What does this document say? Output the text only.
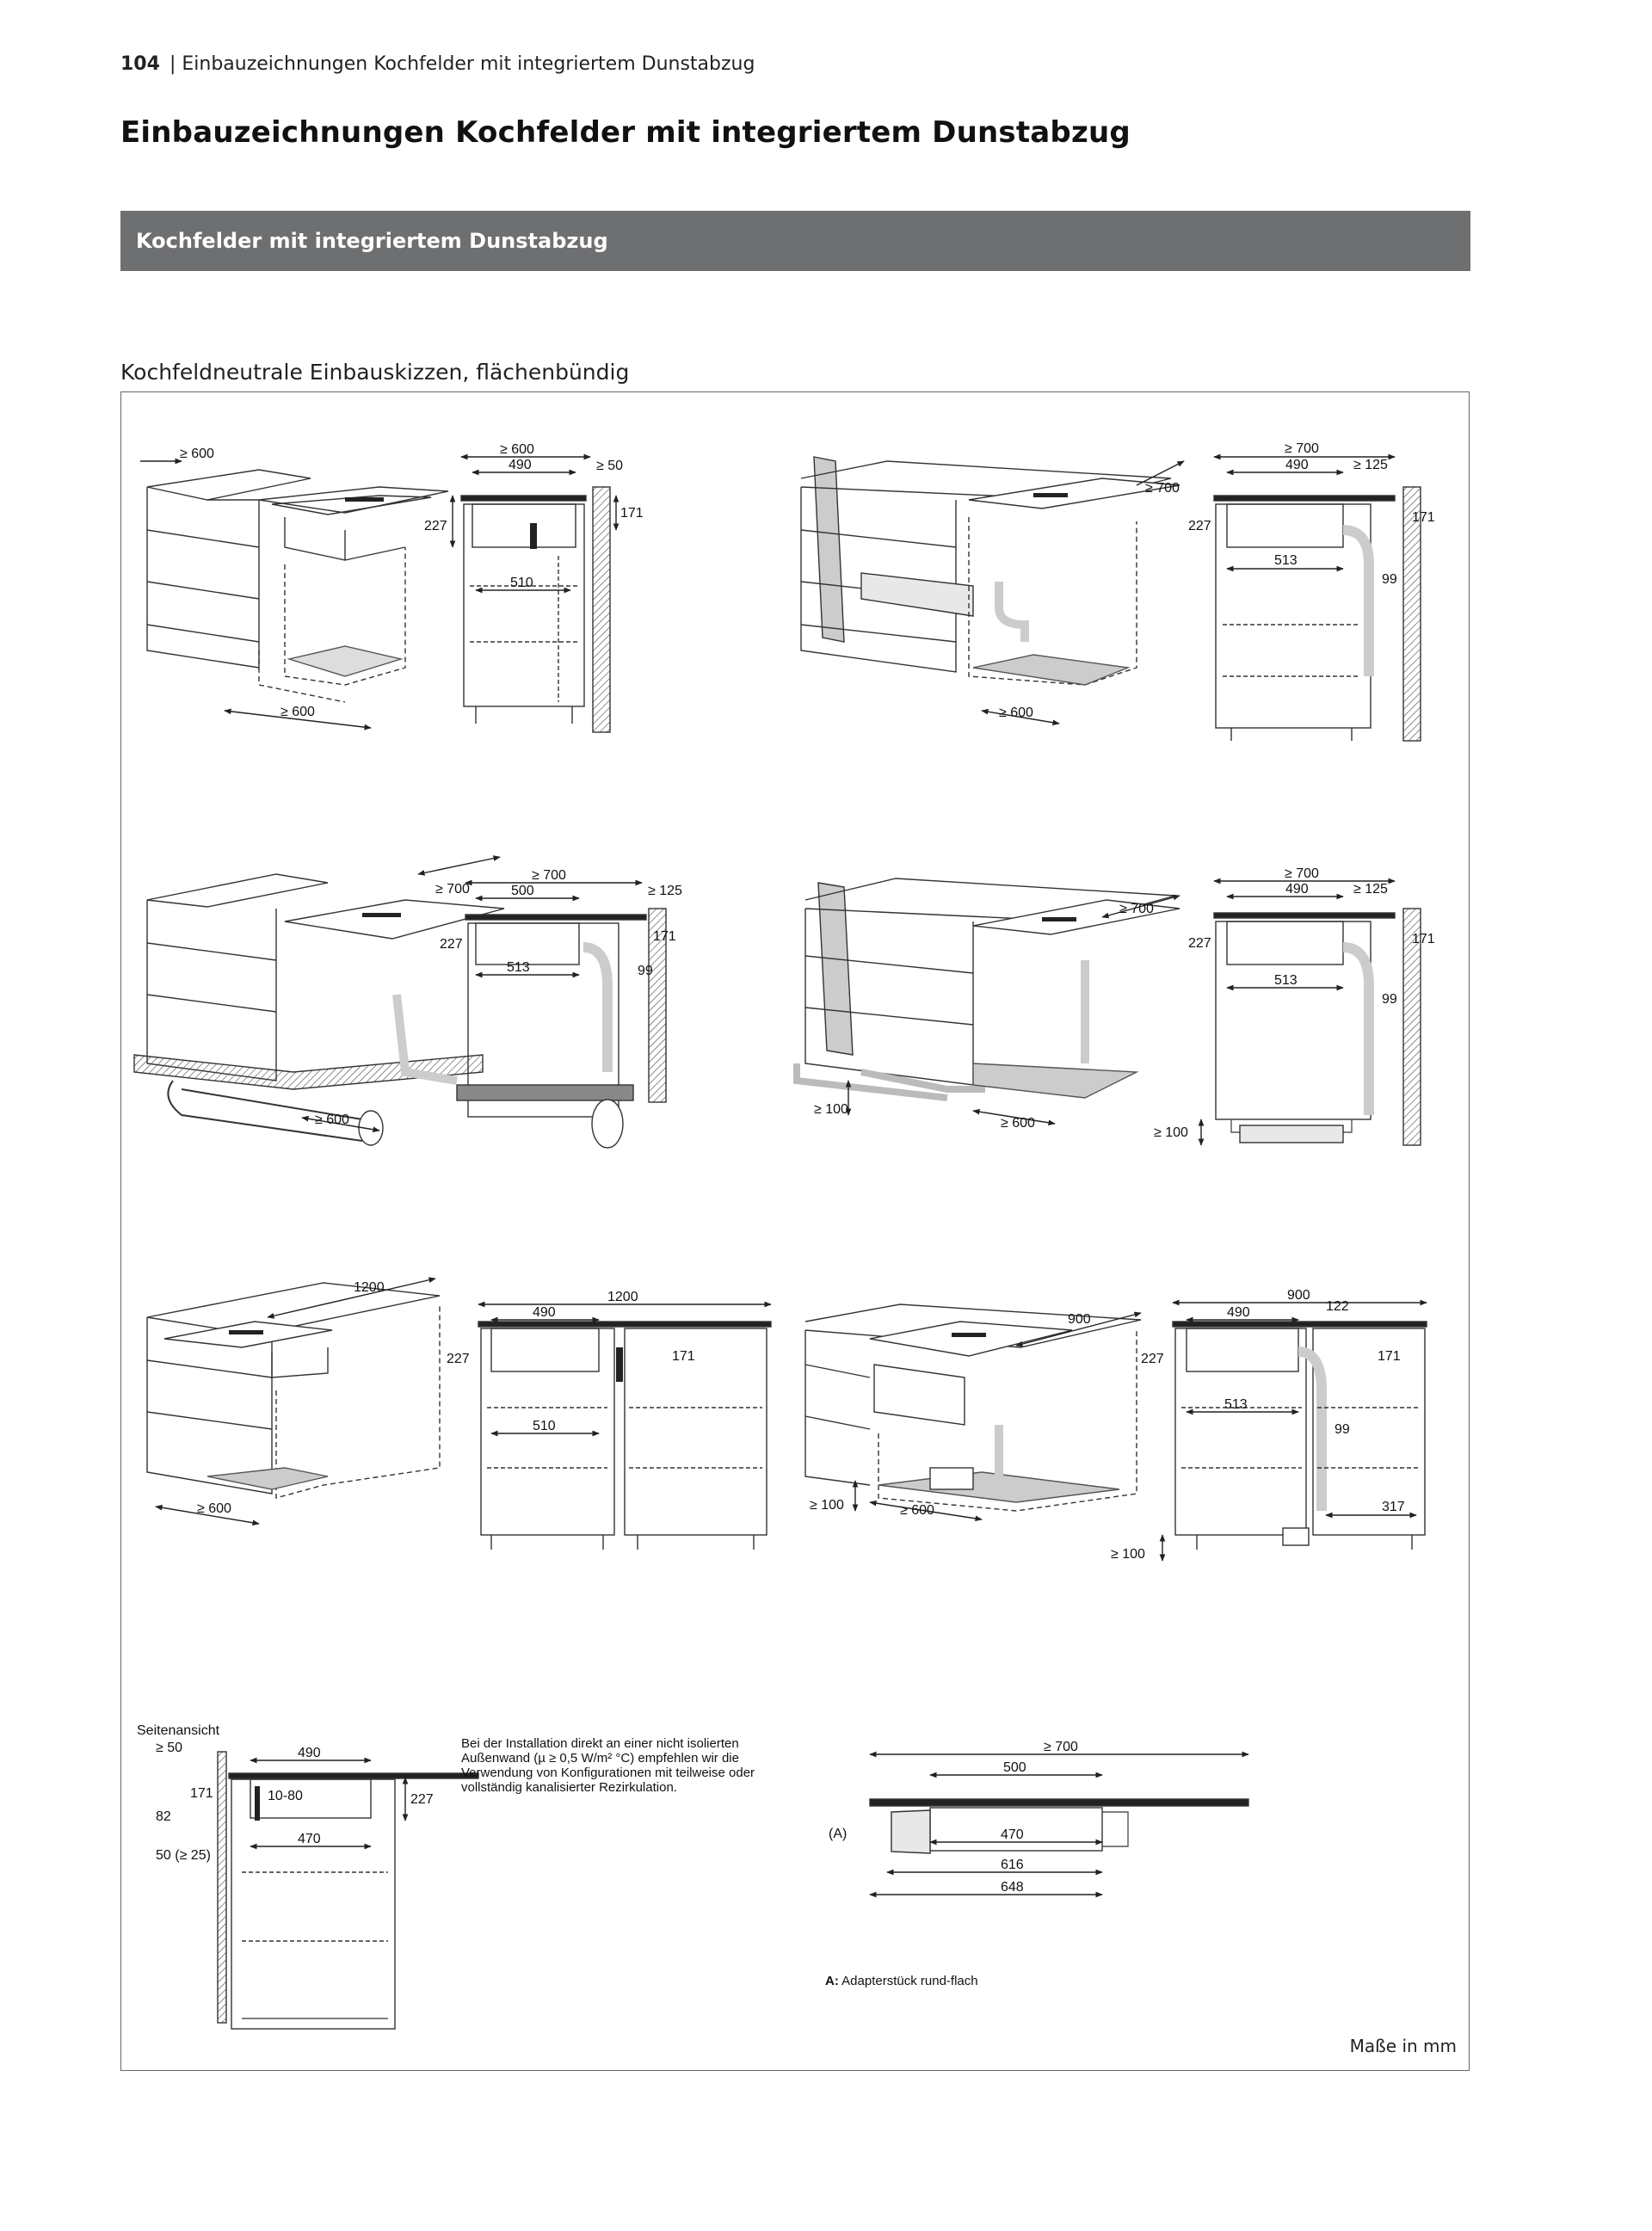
104 | Einbauzeichnungen Kochfelder mit integriertem Dunstabzug
Einbauzeichnungen Kochfelder mit integriertem Dunstabzug
Kochfelder mit integriertem Dunstabzug
Kochfeldneutrale Einbauskizzen, flächenbündig
≥ 600
≥ 600
≥ 600
490	≥ 50
227
171
510
≥ 700
≥ 600
≥ 700
490	≥ 125
227
171
513
99
≥ 700
≥ 600
≥ 700
500	≥ 125
227
171
513	99
≥ 700
≥ 100
≥ 600
≥ 700
490	≥ 125
227	171
513
99
≥ 100
1200
≥ 600
1200
490
227	171
510
900
≥ 100	≥ 600
900
490	122
227	171
513
99
317
≥ 100
Seitenansicht
≥ 50	490
171
82
10-80	227
50 (≥ 25)
470
≥ 700
500
(A)	470
616
648
Bei der Installation direkt an einer nicht isolierten Außenwand (µ ≥ 0,5 W/m² °C) empfehlen wir die Verwendung von Konfigurationen mit teilweise oder vollständig kanalisierter Rezirkulation.
A: Adapterstück rund-flach
Maße in mm
